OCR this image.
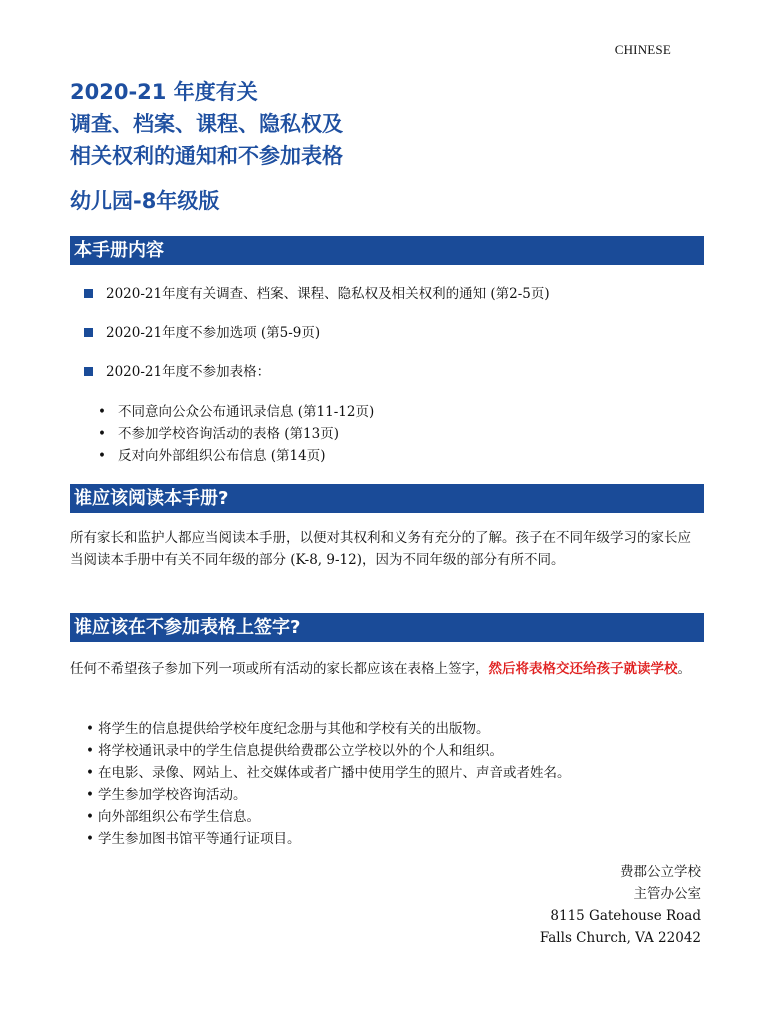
CHINESE
2020-21 年度有关
调查、档案、课程、隐私权及
相关权利的通知和不参加表格
幼儿园-8年级版
本手册内容
2020-21年度有关调查、档案、课程、隐私权及相关权利的通知 (第2-5页)
2020-21年度不参加选项 (第5-9页)
2020-21年度不参加表格：
• 不同意向公众公布通讯录信息 (第11-12页)
• 不参加学校咨询活动的表格 (第13页)
• 反对向外部组织公布信息 (第14页)
谁应该阅读本手册?

所有家长和监护人都应当阅读本手册，以便对其权利和义务有充分的了解。孩子在不同年级学习的家长应当阅读本手册中有关不同年级的部分 (K-8, 9-12)，因为不同年级的部分有所不同。

谁应该在不参加表格上签字?

任何不希望孩子参加下列一项或所有活动的家长都应该在表格上签字，然后将表格交还给孩子就读学校。

• 将学生的信息提供给学校年度纪念册与其他和学校有关的出版物。
• 将学校通讯录中的学生信息提供给费郡公立学校以外的个人和组织。
• 在电影、录像、网站上、社交媒体或者广播中使用学生的照片、声音或者姓名。
• 学生参加学校咨询活动。
• 向外部组织公布学生信息。
• 学生参加图书馆平等通行证项目。
费郡公立学校
主管办公室
8115 Gatehouse Road
Falls Church, VA 22042
